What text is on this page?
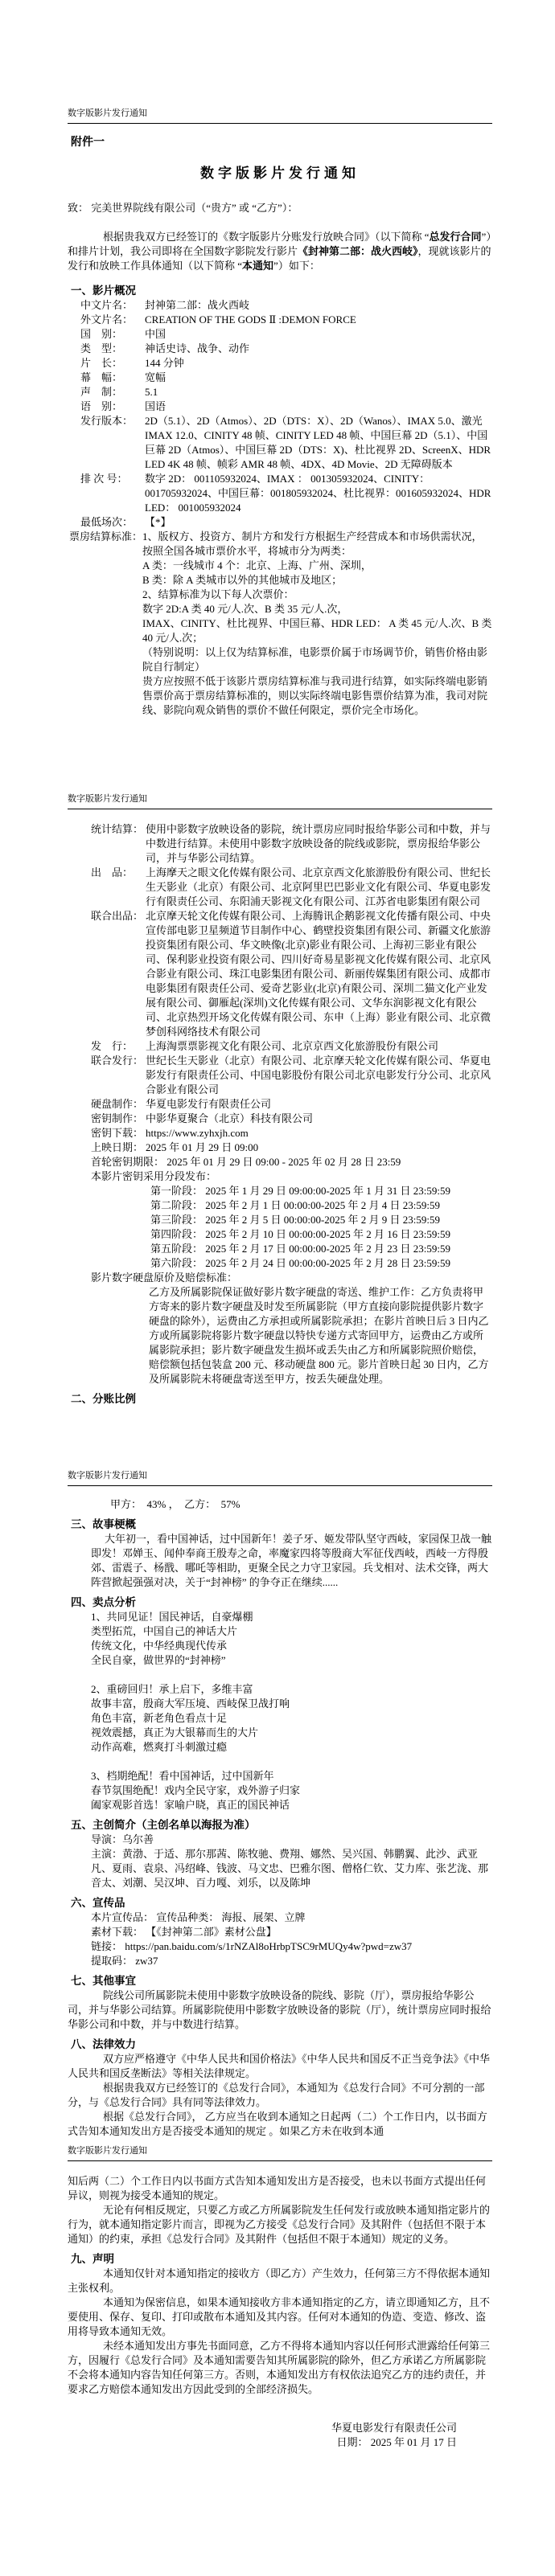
数字版影片发行通知
附件一
数字版影片发行通知

致： 完美世界院线有限公司（“贵方” 或 “乙方”）：

根据贵我双方已经签订的《数字版影片分账发行放映合同》（以下简称 “总发行合同”）和排片计划，我公司即将在全国数字影院发行影片《封神第二部：战火西岐》，现就该影片的发行和放映工作具体通知（以下简称 “本通知”）如下：

一、影片概况
中文片名：	封神第二部：战火西岐
外文片名：	CREATION OF THE GODS Ⅱ :DEMON FORCE
国　别：	中国
类　型：	神话史诗、战争、动作
片　长：	144 分钟
幕　幅：	宽幅
声　制：	5.1
语　别：	国语
发行版本：	2D（5.1）、2D（Atmos）、2D（DTS：X）、2D（Wanos）、IMAX 5.0、激光 IMAX 12.0、CINITY 48 帧、CINITY LED 48 帧、中国巨幕 2D（5.1）、中国巨幕 2D（Atmos）、中国巨幕 2D（DTS：X)、杜比视界 2D、ScreenX、HDR LED 4K 48 帧、帧彩 AMR 48 帧、4DX、4D Movie、2D 无障碍版本
排 次 号：	数字 2D： 001105932024、IMAX ： 001305932024、CINITY：001705932024、中国巨幕：001805932024、杜比视界：001605932024、HDR LED： 001005932024
最低场次：	【*】
票房结算标准： 1、版权方、投资方、制片方和发行方根据生产经营成本和市场供需状况，按照全国各城市票价水平，将城市分为两类：
A 类：一线城市 4 个：北京、上海、广州、深圳，
B 类：除 A 类城市以外的其他城市及地区；
2、结算标准为以下每人次票价：
数字 2D:A 类 40 元/人.次、B 类 35 元/人.次，
IMAX、CINITY、杜比视界、中国巨幕、HDR LED： A 类 45 元/人.次、B 类 40 元/人.次；
（特别说明：以上仅为结算标准，电影票价属于市场调节价，销售价格由影院自行制定）
贵方应按照不低于该影片票房结算标准与我司进行结算，如实际终端电影销售票价高于票房结算标准的，则以实际终端电影售票价结算为准，我司对院线、影院向观众销售的票价不做任何限定，票价完全市场化。
数字版影片发行通知
统计结算： 使用中影数字放映设备的影院，统计票房应同时报给华影公司和中数，并与中数进行结算。未使用中影数字放映设备的院线或影院，票房报给华影公司，并与华影公司结算。
出　品：	上海摩天之眼文化传媒有限公司、北京京西文化旅游股份有限公司、世纪长生天影业（北京）有限公司、北京阿里巴巴影业文化有限公司、华夏电影发行有限责任公司、东阳浦天影视文化有限公司、江苏省电影集团有限公司
联合出品： 北京摩天轮文化传媒有限公司、上海腾讯企鹅影视文化传播有限公司、中央宣传部电影卫星频道节目制作中心、鹤壁投资集团有限公司、新疆文化旅游投资集团有限公司、华文映像(北京)影业有限公司、上海初三影业有限公司、保利影业投资有限公司、四川好奇易星影视文化传媒有限公司、北京风合影业有限公司、珠江电影集团有限公司、新丽传媒集团有限公司、成都市电影集团有限责任公司、爱奇艺影业(北京)有限公司、深圳二猫文化产业发展有限公司、御雁起(深圳)文化传媒有限公司、文华东润影视文化有限公司、北京热烈开场文化传媒有限公司、东申（上海）影业有限公司、北京微梦创科网络技术有限公司
发　行：	上海淘票票影视文化有限公司、北京京西文化旅游股份有限公司
联合发行： 世纪长生天影业（北京）有限公司、北京摩天轮文化传媒有限公司、华夏电影发行有限责任公司、中国电影股份有限公司北京电影发行分公司、北京风合影业有限公司
硬盘制作： 华夏电影发行有限责任公司
密钥制作： 中影华夏聚合（北京）科技有限公司
密钥下载： https://www.zyhxjh.com
上映日期： 2025 年 01 月 29 日 09:00
首轮密钥期限： 2025 年 01 月 29 日 09:00 - 2025 年 02 月 28 日 23:59
本影片密钥采用分段发布：
第一阶段： 2025 年 1 月 29 日 09:00:00-2025 年 1 月 31 日 23:59:59
第二阶段： 2025 年 2 月 1 日 00:00:00-2025 年 2 月 4 日 23:59:59
第三阶段： 2025 年 2 月 5 日 00:00:00-2025 年 2 月 9 日 23:59:59
第四阶段： 2025 年 2 月 10 日 00:00:00-2025 年 2 月 16 日 23:59:59
第五阶段： 2025 年 2 月 17 日 00:00:00-2025 年 2 月 23 日 23:59:59
第六阶段： 2025 年 2 月 24 日 00:00:00-2025 年 2 月 28 日 23:59:59
影片数字硬盘原价及赔偿标准：
乙方及所属影院保证做好影片数字硬盘的寄送、维护工作：乙方负责将甲方寄来的影片数字硬盘及时发至所属影院（甲方直接向影院提供影片数字硬盘的除外），运费由乙方承担或所属影院承担；在影片首映日后 3 日内乙方或所属影院将影片数字硬盘以特快专递方式寄回甲方，运费由乙方或所属影院承担；影片数字硬盘发生损坏或丢失由乙方和所属影院照价赔偿，赔偿额包括包装盒 200 元、移动硬盘 800 元。影片首映日起 30 日内，乙方及所属影院未将硬盘寄送至甲方，按丢失硬盘处理。
二、分账比例
数字版影片发行通知
甲方：  43% ，  乙方：  57%
三、故事梗概
大年初一，看中国神话，过中国新年！姜子牙、姬发带队坚守西岐，家园保卫战一触即发！邓婵玉、闻仲奉商王殷寿之命，率魔家四将等殷商大军征伐西岐，西岐一方得殷郊、雷震子、杨戬、哪吒等相助，更聚全民之力守卫家园。兵戈相对、法术交锋，两大阵营掀起强强对决，关于“封神榜” 的争夺正在继续......
四、卖点分析
1、共同见证！国民神话，自豪爆棚
类型拓荒，中国自己的神话大片
传统文化，中华经典现代传承
全民自豪，做世界的“封神榜”
2、重磅回归！承上启下，多维丰富
故事丰富，殷商大军压境、西岐保卫战打响
角色丰富，新老角色看点十足
视效震撼，真正为大银幕而生的大片
动作高难，燃爽打斗刺激过瘾
3、档期绝配！看中国神话，过中国新年
春节氛围绝配！戏内全民守家，戏外游子归家
阖家观影首选！家喻户晓，真正的国民神话
五、主创简介（主创名单以海报为准）
导演：乌尔善
主演：黄渤、于适、那尔那茜、陈牧驰、费翔、娜然、吴兴国、韩鹏翼、此沙、武亚凡、夏雨、袁泉、冯绍峰、钱波、马文忠、巴雅尔图、僧格仁钦、艾力库、张艺泷、那音太、刘潮、吴汉坤、百力嘎、刘乐，以及陈坤
六、宣传品
本片宣传品： 宣传品种类： 海报、展架、立牌
素材下载： 【《封神第二部》素材公盘】
链接： https://pan.baidu.com/s/1rNZAl8oHrbpTSC9rMUQy4w?pwd=zw37
提取码： zw37
七、其他事宜

院线公司所属影院未使用中影数字放映设备的院线、影院（厅），票房报给华影公司，并与华影公司结算。所属影院使用中影数字放映设备的影院（厅），统计票房应同时报给华影公司和中数，并与中数进行结算。

八、法律效力

双方应严格遵守《中华人民共和国价格法》《中华人民共和国反不正当竞争法》《中华人民共和国反垄断法》等相关法律规定。

根据贵我双方已经签订的《总发行合同》，本通知为《总发行合同》不可分割的一部分，与《总发行合同》具有同等法律效力。

根据《总发行合同》， 乙方应当在收到本通知之日起两（二）个工作日内，以书面方式告知本通知发出方是否接受本通知的规定 。如果乙方未在收到本通

数字版影片发行通知

知后两（二）个工作日内以书面方式告知本通知发出方是否接受，也未以书面方式提出任何异议，则视为接受本通知的规定。

无论有何相反规定，只要乙方或乙方所属影院发生任何发行或放映本通知指定影片的行为，就本通知指定影片而言，即视为乙方接受《总发行合同》及其附件（包括但不限于本通知）的约束，承担《总发行合同》及其附件（包括但不限于本通知）规定的义务。

九、声明

本通知仅针对本通知指定的接收方（即乙方）产生效力，任何第三方不得依据本通知主张权利。

本通知为保密信息，如果本通知接收方非本通知指定的乙方，请立即通知乙方，且不要使用、保存、复印、打印或散布本通知及其内容。任何对本通知的伪造、变造、修改、盗用将导致本通知无效。

未经本通知发出方事先书面同意，乙方不得将本通知内容以任何形式泄露给任何第三方，因履行《总发行合同》及本通知需要告知其所属影院的除外，但乙方承诺乙方所属影院不会将本通知内容告知任何第三方。否则，本通知发出方有权依法追究乙方的违约责任，并要求乙方赔偿本通知发出方因此受到的全部经济损失。

华夏电影发行有限责任公司
日期： 2025 年 01 月 17 日
